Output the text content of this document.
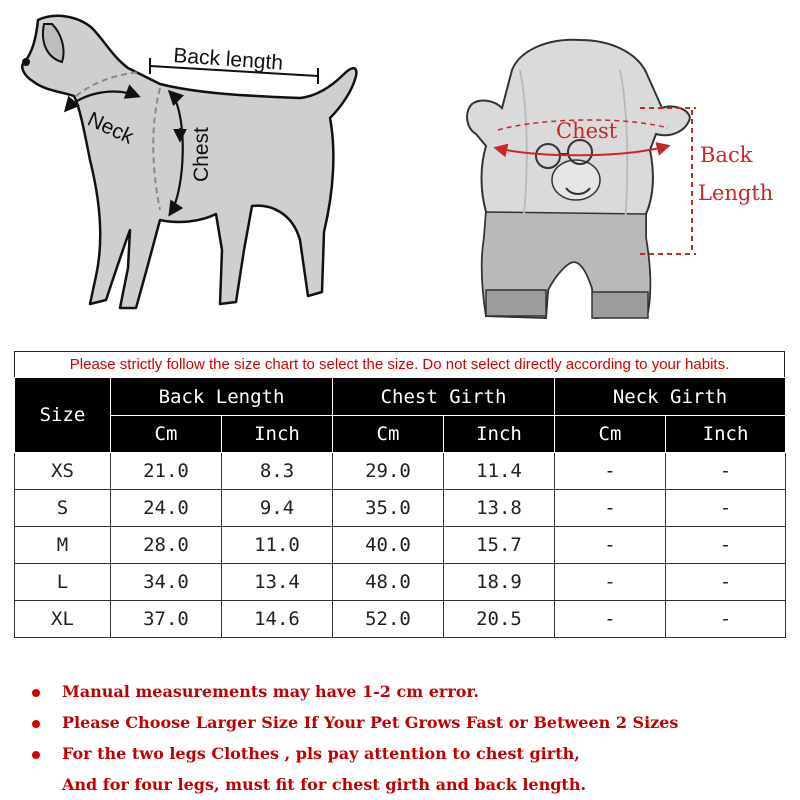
Back length
Neck	Chest	Chest
Back
Length
Please strictly follow the size chart to select the size. Do not select directly according to your habits.
Size	Back Length		Chest Girth		Neck Girth	
	Cm	Inch	Cm	Inch	Cm	Inch
XS	21.0	8.3	29.0	11.4	-	-
S	24.0	9.4	35.0	13.8	-	-
M	28.0	11.0	40.0	15.7	-	-
L	34.0	13.4	48.0	18.9	-	-
XL	37.0	14.6	52.0	20.5	-	-
Manual measurements may have 1-2 cm error.
Please Choose Larger Size If Your Pet Grows Fast or Between 2 Sizes
For the two legs Clothes , pls pay attention to chest girth,
And for four legs, must fit for chest girth and back length.
